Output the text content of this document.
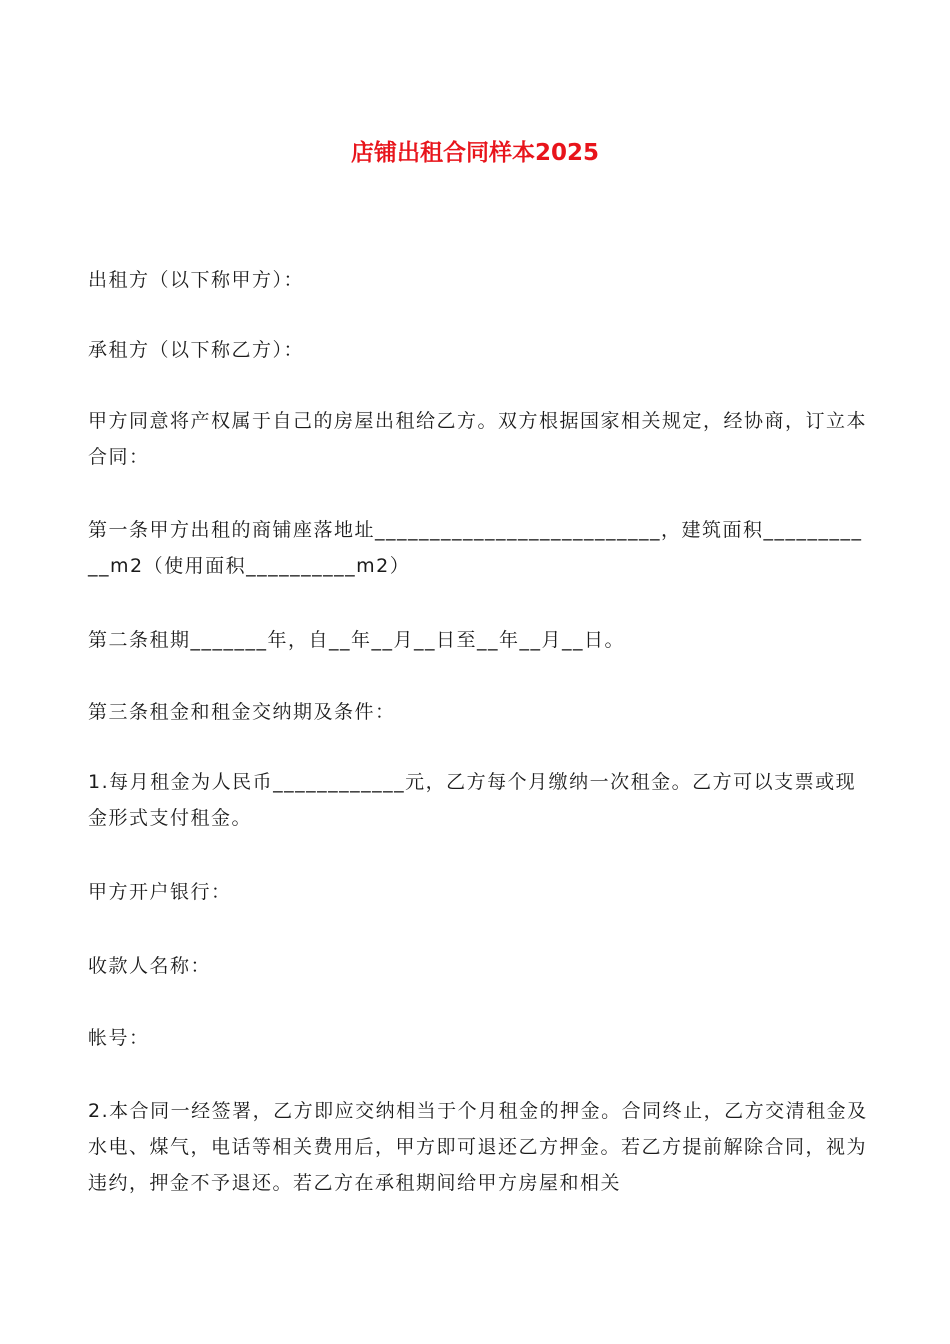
店铺出租合同样本2025
出租方（以下称甲方）：
承租方（以下称乙方）：
甲方同意将产权属于自己的房屋出租给乙方。双方根据国家相关规定，经协商，订立本合同：
第一条甲方出租的商铺座落地址__________________________，建筑面积___________m2（使用面积__________m2）
第二条租期_______年，自__年__月__日至__年__月__日。
第三条租金和租金交纳期及条件：
1.每月租金为人民币____________元，乙方每个月缴纳一次租金。乙方可以支票或现金形式支付租金。
甲方开户银行：
收款人名称：
帐号：
2.本合同一经签署，乙方即应交纳相当于个月租金的押金。合同终止，乙方交清租金及水电、煤气，电话等相关费用后，甲方即可退还乙方押金。若乙方提前解除合同，视为违约，押金不予退还。若乙方在承租期间给甲方房屋和相关
